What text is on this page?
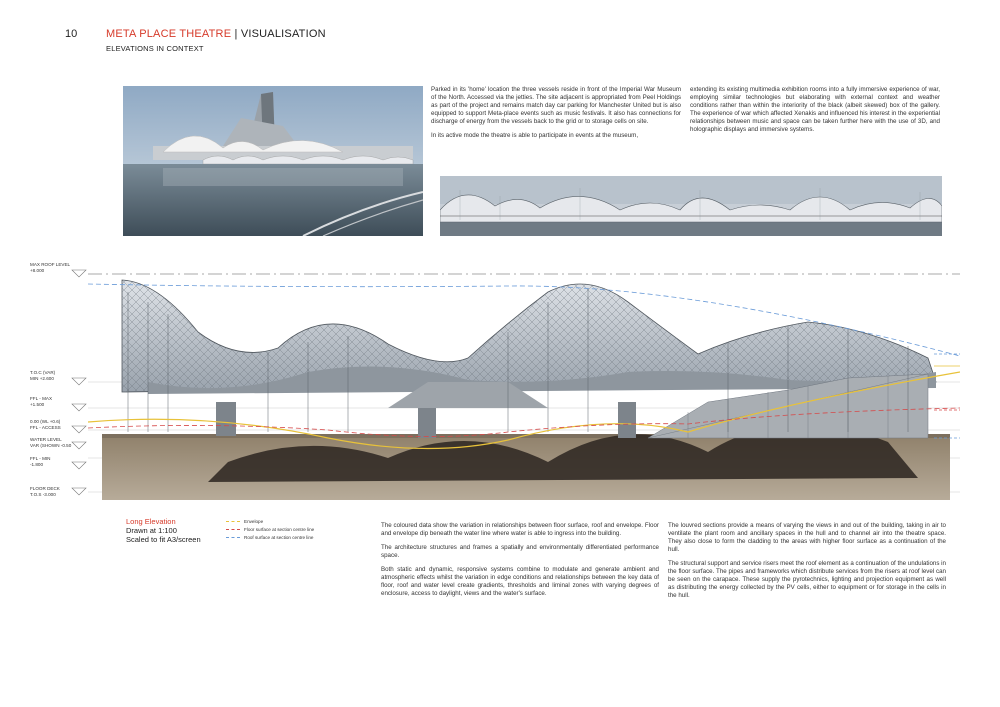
10	META PLACE THEATRE | VISUALISATION
ELEVATIONS IN CONTEXT

Parked in its 'home' location the three vessels reside in front of the Imperial War Museum of the North. Accessed via the jetties. The site adjacent is appropriated from Peel Holdings as part of the project and remains match day car parking for Manchester United but is also equipped to support Meta-place events such as music festivals. It also has connections for discharge of energy from the vessels back to the grid or to storage cells on site.

In its active mode the theatre is able to participate in events at the museum,

extending its existing multimedia exhibition rooms into a fully immersive experience of war, employing similar technologies but elaborating with external context and weather conditions rather than within the interiority of the black (albeit skewed) box of the gallery. The experience of war which affected Xenakis and influenced his interest in the experiential relationships between music and space can be taken further here with the use of 3D, and holographic displays and immersive systems.

MAX ROOF LEVEL
+8.000
T.O.C (VAR)
MIN +2.600
FFL - MAX
+1.500
0.00 (WL +0.6)
FFL - ACCESS
WATER LEVEL
VAR (SHOWN -0.50
FFL - MIN
-1.800
FLOOR DECK
T.O.S -3.000
Long Elevation
Drawn at 1:100
Scaled to fit A3/screen
Envelope
Floor surface at section centre line
Roof surface at section centre line

The coloured data show the variation in relationships between floor surface, roof and envelope. Floor and envelope dip beneath the water line where water is able to ingress into the building.

The architecture structures and frames a spatially and environmentally differentiated performance space.

Both static and dynamic, responsive systems combine to modulate and generate ambient and atmospheric effects whilst the variation in edge conditions and relationships between the key data of floor, roof and water level create gradients, thresholds and liminal zones with varying degrees of enclosure, access to daylight, views and the water's surface.

The louvred sections provide a means of varying the views in and out of the building, taking in air to ventilate the plant room and ancillary spaces in the hull and to channel air into the theatre space. They also close to form the cladding to the areas with higher floor surface as a continuation of the hull.

The structural support and service risers meet the roof element as a continuation of the undulations in the floor surface. The pipes and frameworks which distribute services from the risers at roof level can be seen on the carapace. These supply the pyrotechnics, lighting and projection equipment as well as distributing the energy collected by the PV cells, either to equipment or for storage in the cells in the hull.
